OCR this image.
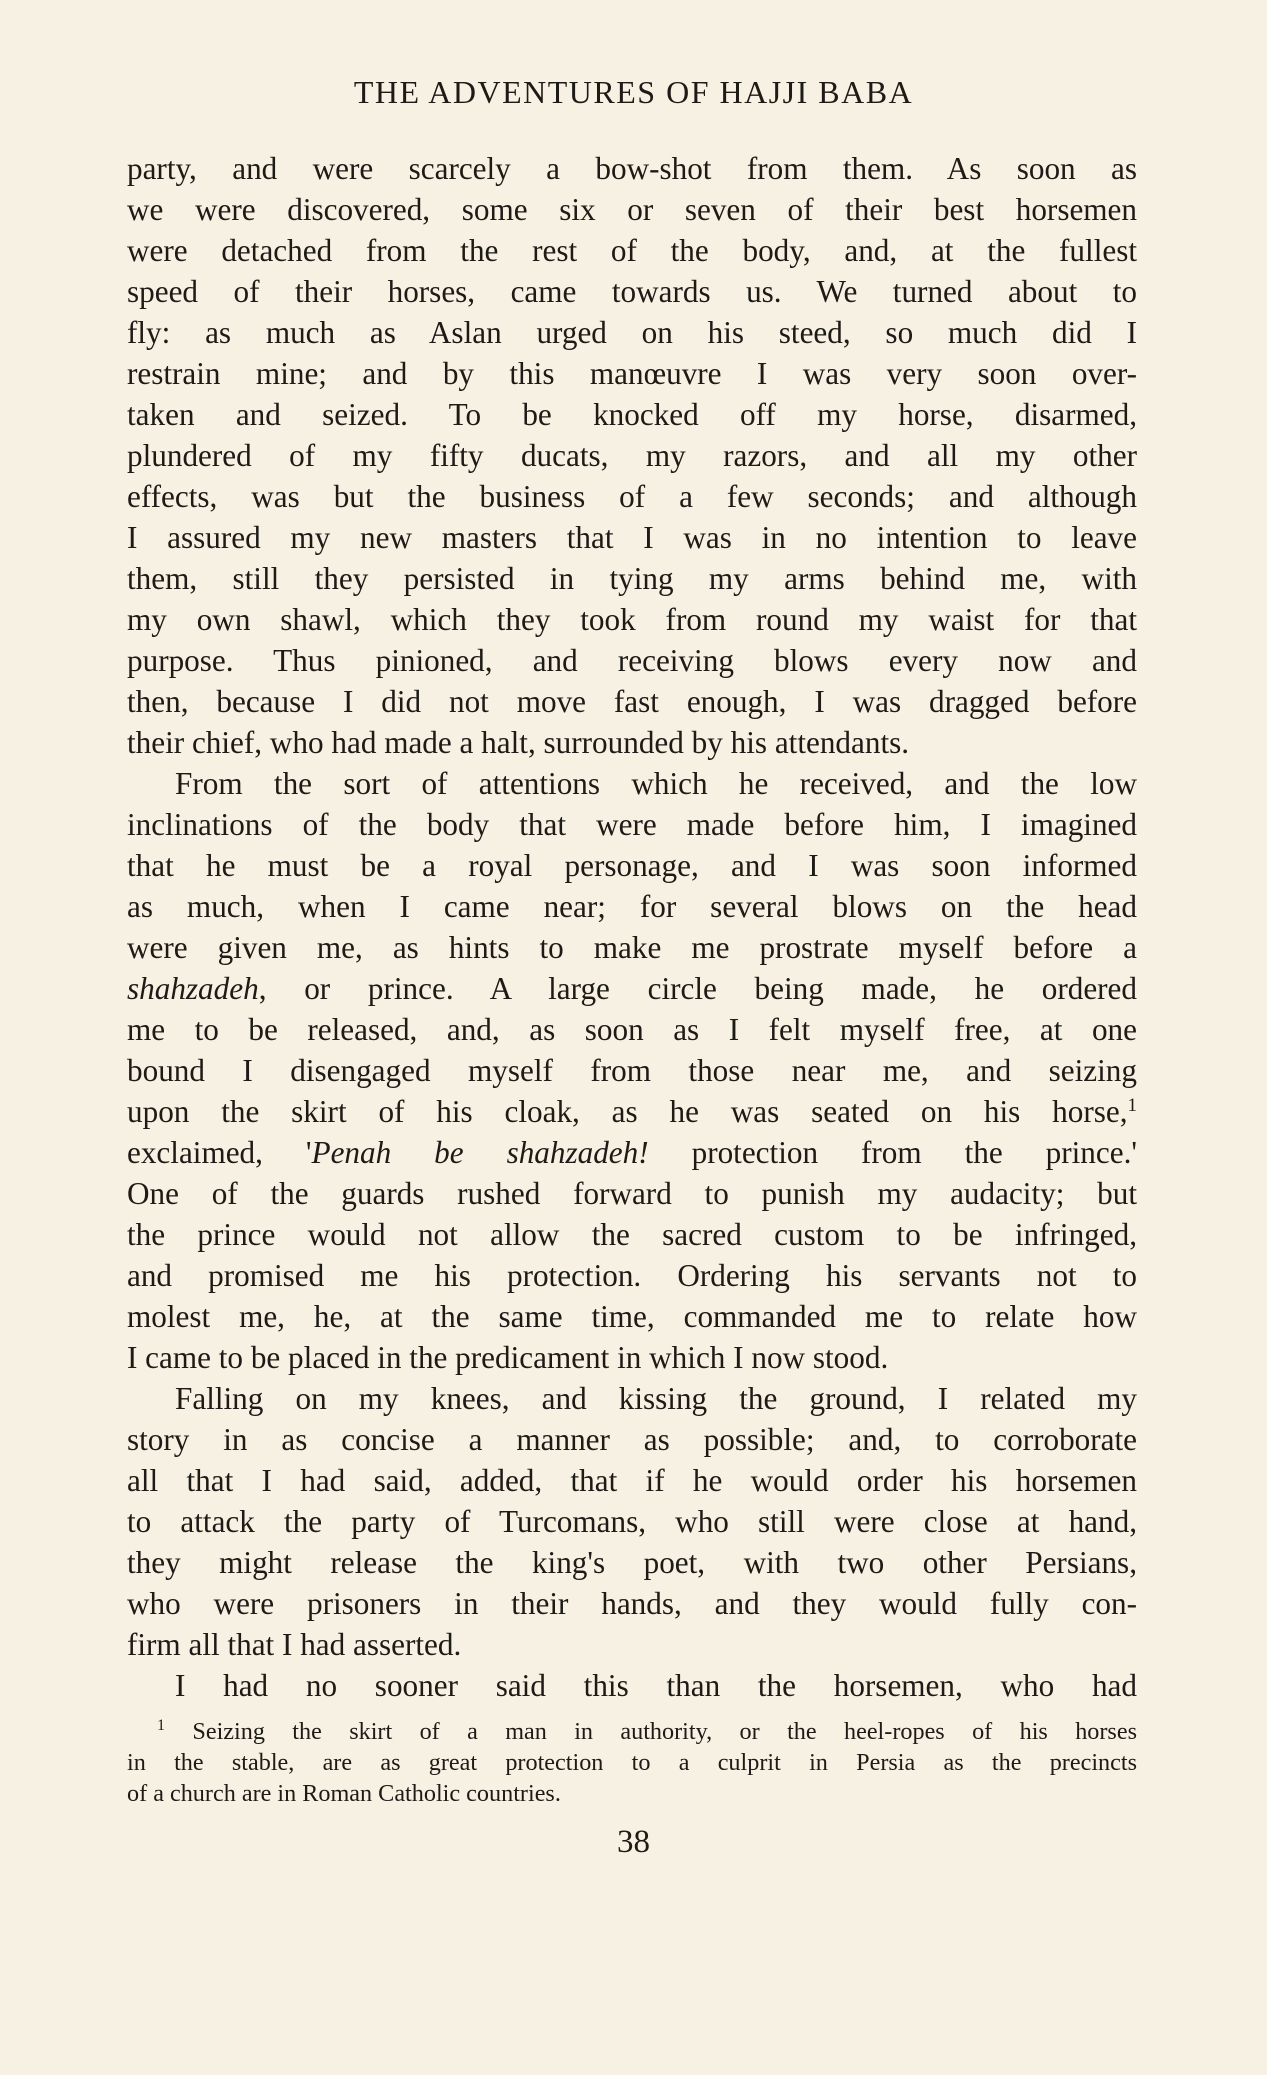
THE ADVENTURES OF HAJJI BABA
party, and were scarcely a bow-shot from them. As soon as
we were discovered, some six or seven of their best horsemen
were detached from the rest of the body, and, at the fullest
speed of their horses, came towards us. We turned about to
fly: as much as Aslan urged on his steed, so much did I
restrain mine; and by this manœuvre I was very soon over-
taken and seized. To be knocked off my horse, disarmed,
plundered of my fifty ducats, my razors, and all my other
effects, was but the business of a few seconds; and although
I assured my new masters that I was in no intention to leave
them, still they persisted in tying my arms behind me, with
my own shawl, which they took from round my waist for that
purpose. Thus pinioned, and receiving blows every now and
then, because I did not move fast enough, I was dragged before
their chief, who had made a halt, surrounded by his attendants.
From the sort of attentions which he received, and the low
inclinations of the body that were made before him, I imagined
that he must be a royal personage, and I was soon informed
as much, when I came near; for several blows on the head
were given me, as hints to make me prostrate myself before a
shahzadeh, or prince. A large circle being made, he ordered
me to be released, and, as soon as I felt myself free, at one
bound I disengaged myself from those near me, and seizing
upon the skirt of his cloak, as he was seated on his horse,$^1$
exclaimed, 'Penah be shahzadeh! protection from the prince.'
One of the guards rushed forward to punish my audacity; but
the prince would not allow the sacred custom to be infringed,
and promised me his protection. Ordering his servants not to
molest me, he, at the same time, commanded me to relate how
I came to be placed in the predicament in which I now stood.
Falling on my knees, and kissing the ground, I related my
story in as concise a manner as possible; and, to corroborate
all that I had said, added, that if he would order his horsemen
to attack the party of Turcomans, who still were close at hand,
they might release the king's poet, with two other Persians,
who were prisoners in their hands, and they would fully con-
firm all that I had asserted.
I had no sooner said this than the horsemen, who had
$^1$ Seizing the skirt of a man in authority, or the heel-ropes of his horses
in the stable, are as great protection to a culprit in Persia as the precincts
of a church are in Roman Catholic countries.

38
